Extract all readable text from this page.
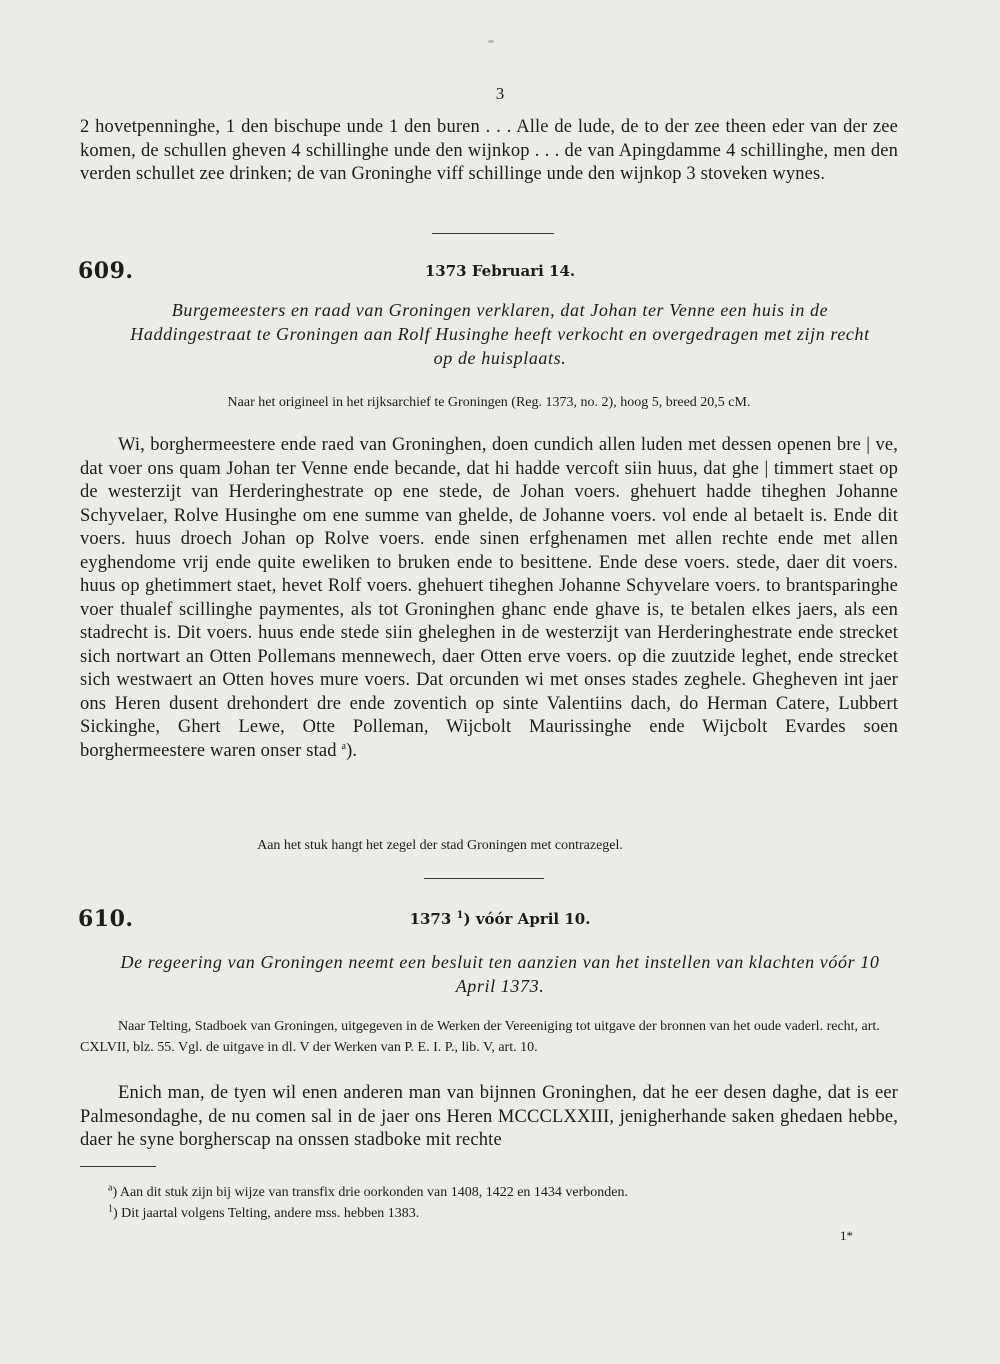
3

2 hovetpenninghe, 1 den bischupe unde 1 den buren . . . Alle de lude, de to der zee theen eder van der zee komen, de schullen gheven 4 schillinghe unde den wijnkop . . . de van Apingdamme 4 schillinghe, men den verden schullet zee drinken; de van Groninghe viff schillinge unde den wijnkop 3 stoveken wynes.

609.	1373 Februari 14.
Burgemeesters en raad van Groningen verklaren, dat Johan ter Venne een huis in de Haddingestraat te Groningen aan Rolf Husinghe heeft verkocht en overgedragen met zijn recht op de huisplaats.
Naar het origineel in het rijksarchief te Groningen (Reg. 1373, no. 2), hoog 5, breed 20,5 cM.
Wi, borghermeestere ende raed van Groninghen, doen cundich allen luden met dessen openen bre | ve, dat voer ons quam Johan ter Venne ende becande, dat hi hadde vercoft siin huus, dat ghe | timmert staet op de westerzijt van Herderinghestrate op ene stede, de Johan voers. ghehuert hadde tiheghen Johanne Schyvelaer, Rolve Husinghe om ene summe van ghelde, de Johanne voers. vol ende al betaelt is. Ende dit voers. huus droech Johan op Rolve voers. ende sinen erfghenamen met allen rechte ende met allen eyghendome vrij ende quite eweliken to bruken ende to besittene. Ende dese voers. stede, daer dit voers. huus op ghetimmert staet, hevet Rolf voers. ghehuert tiheghen Johanne Schyvelare voers. to brantsparinghe voer thualef scillinghe paymentes, als tot Groninghen ghanc ende ghave is, te betalen elkes jaers, als een stadrecht is. Dit voers. huus ende stede siin gheleghen in de westerzijt van Herderinghestrate ende strecket sich nortwart an Otten Pollemans mennewech, daer Otten erve voers. op die zuutzide leghet, ende strecket sich westwaert an Otten hoves mure voers. Dat orcunden wi met onses stades zeghele. Ghegheven int jaer ons Heren dusent drehondert dre ende zoventich op sinte Valentiins dach, do Herman Catere, Lubbert Sickinghe, Ghert Lewe, Otte Polleman, Wijcbolt Maurissinghe ende Wijcbolt Evardes soen borghermeestere waren onser stad $^a$).
Aan het stuk hangt het zegel der stad Groningen met contrazegel.
610.	1373 $^1$) vóór April 10.
De regeering van Groningen neemt een besluit ten aanzien van het instellen van klachten vóór 10 April 1373.
Naar Telting, Stadboek van Groningen, uitgegeven in de Werken der Vereeniging tot uitgave der bronnen van het oude vaderl. recht, art. CXLVII, blz. 55. Vgl. de uitgave in dl. V der Werken van P. E. I. P., lib. V, art. 10.
Enich man, de tyen wil enen anderen man van bijnnen Groninghen, dat he eer desen daghe, dat is eer Palmesondaghe, de nu comen sal in de jaer ons Heren MCCCLXXIII, jenigherhande saken ghedaen hebbe, daer he syne borgherscap na onssen stadboke mit rechte
$^a$) Aan dit stuk zijn bij wijze van transfix drie oorkonden van 1408, 1422 en 1434 verbonden.
$^1$) Dit jaartal volgens Telting, andere mss. hebben 1383.
1*
